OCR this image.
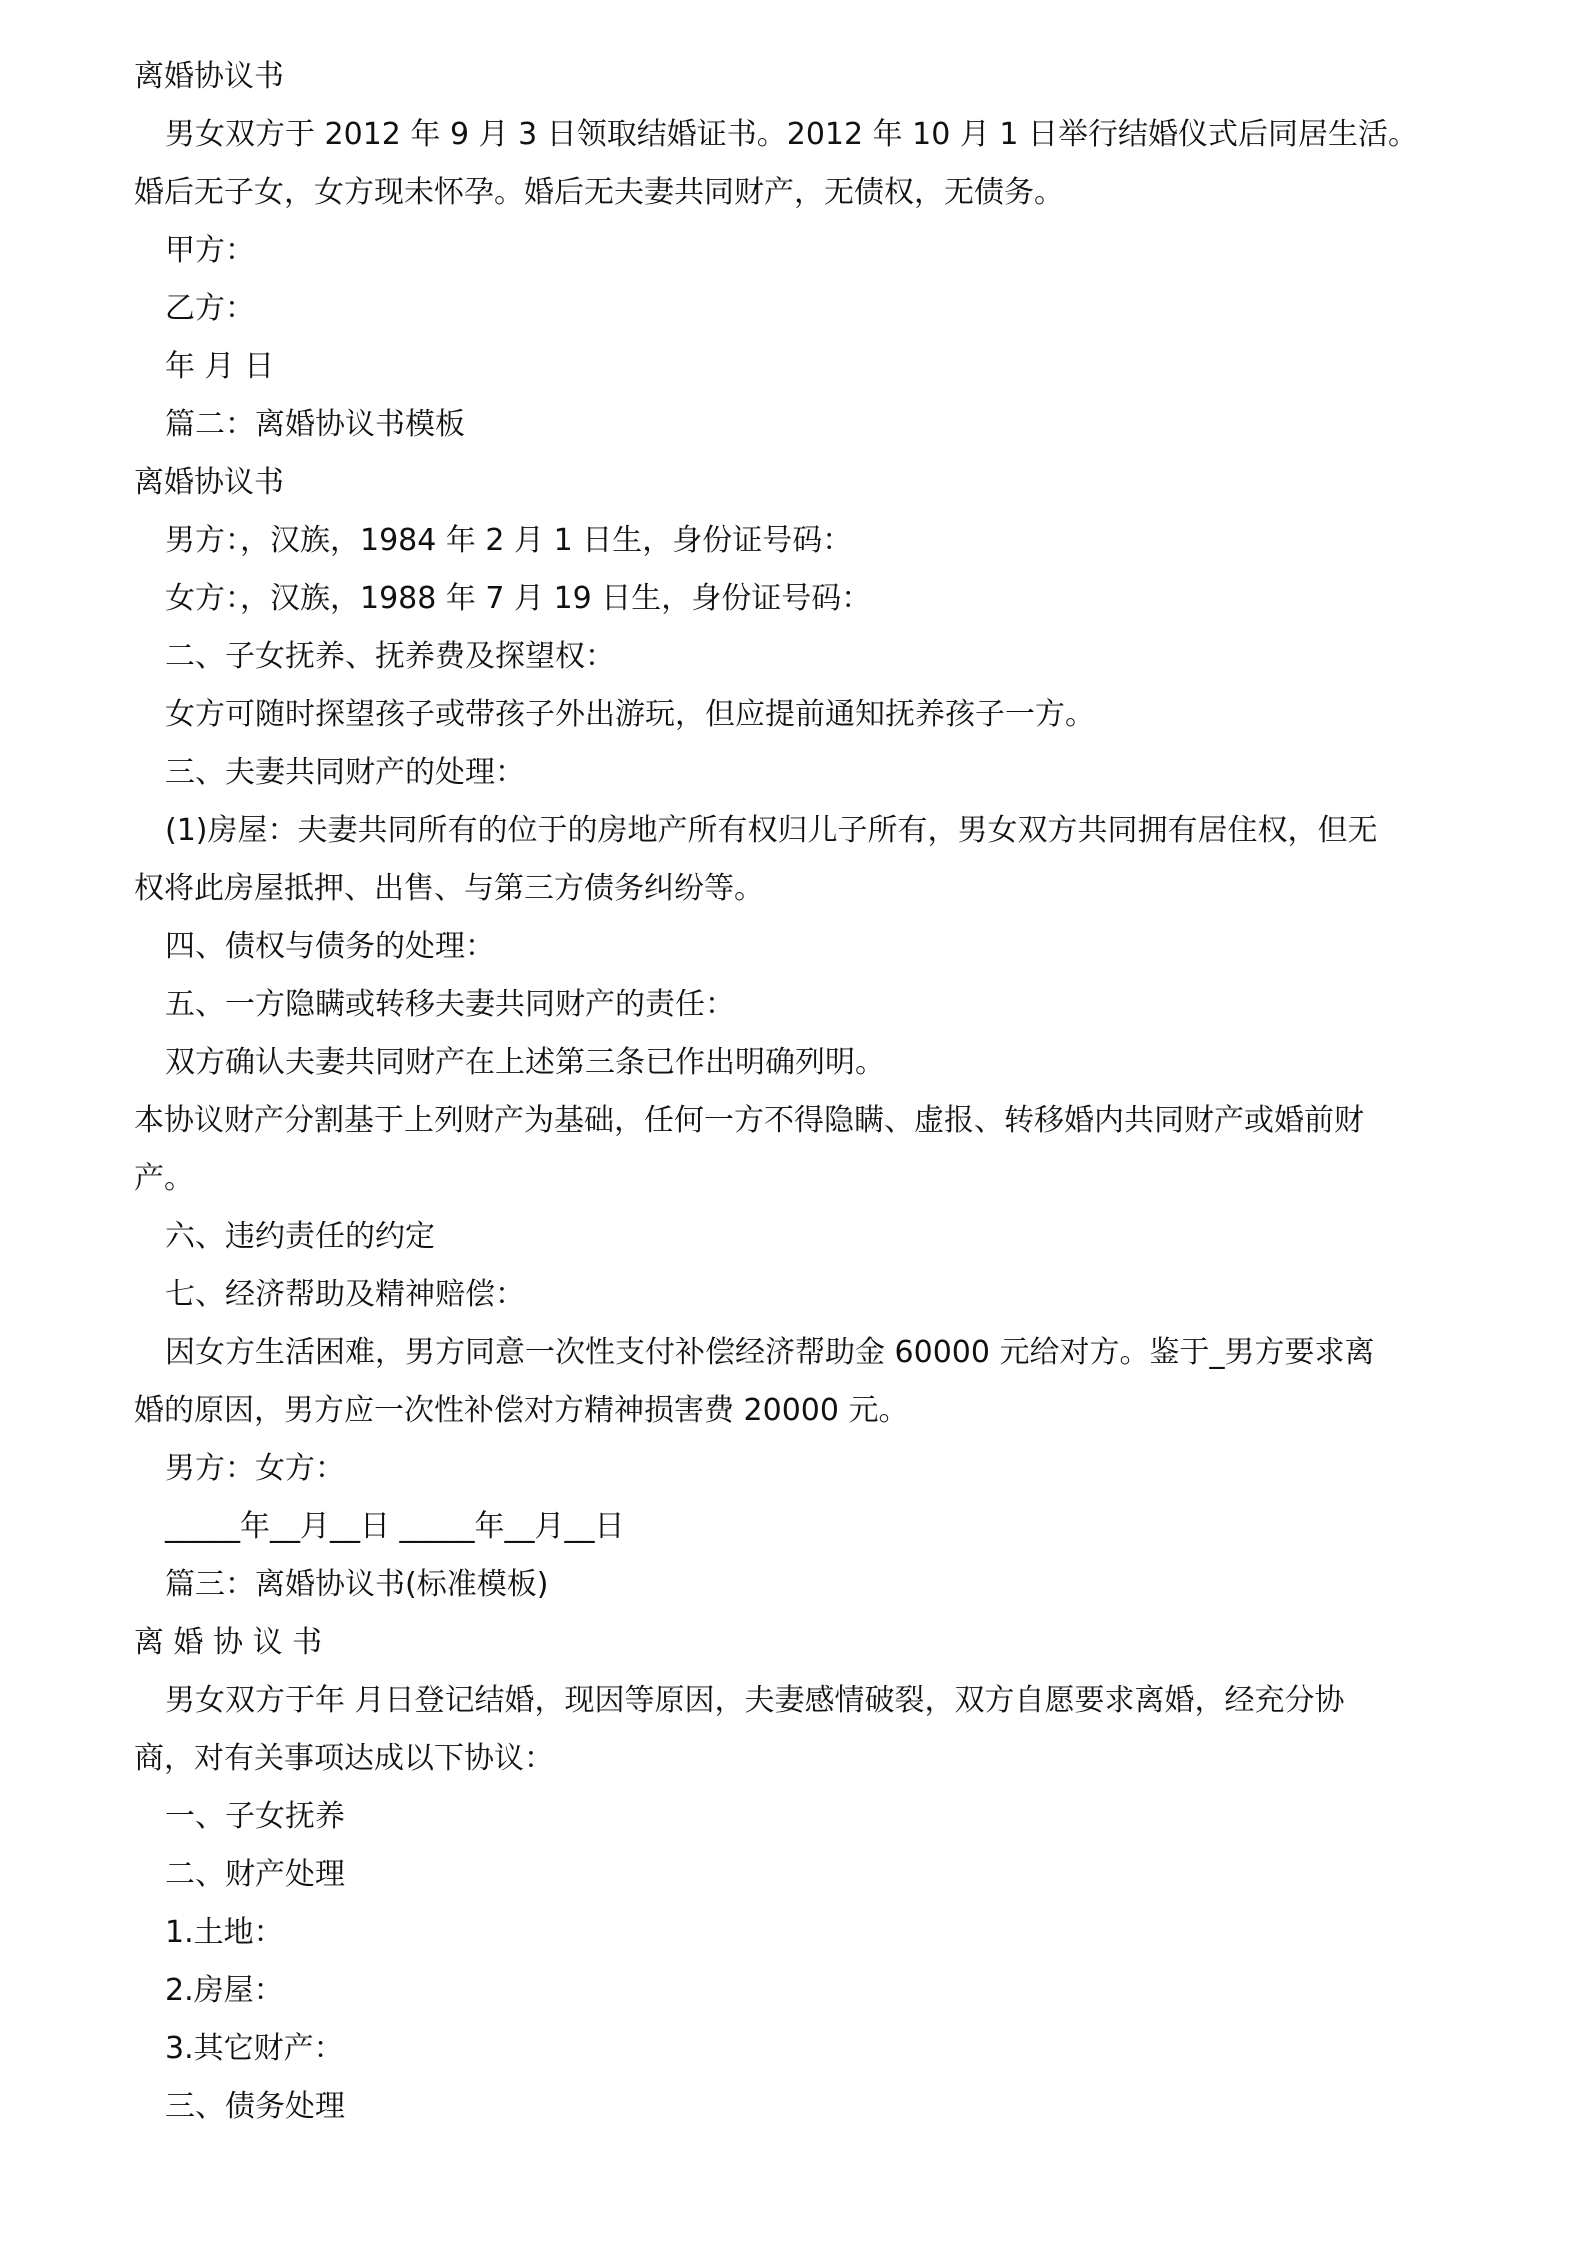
离婚协议书
男女双方于 2012 年 9 月 3 日领取结婚证书。2012 年 10 月 1 日举行结婚仪式后同居生活。
婚后无子女，女方现未怀孕。婚后无夫妻共同财产，无债权，无债务。
甲方：
乙方：
年 月 日
篇二：离婚协议书模板
离婚协议书
男方：，汉族，1984 年 2 月 1 日生，身份证号码：
女方：，汉族，1988 年 7 月 19 日生，身份证号码：
二、子女抚养、抚养费及探望权：
女方可随时探望孩子或带孩子外出游玩，但应提前通知抚养孩子一方。
三、夫妻共同财产的处理：
(1)房屋：夫妻共同所有的位于的房地产所有权归儿子所有，男女双方共同拥有居住权，但无
权将此房屋抵押、出售、与第三方债务纠纷等。
四、债权与债务的处理：
五、一方隐瞒或转移夫妻共同财产的责任：
双方确认夫妻共同财产在上述第三条已作出明确列明。
本协议财产分割基于上列财产为基础，任何一方不得隐瞒、虚报、转移婚内共同财产或婚前财
产。
六、违约责任的约定
七、经济帮助及精神赔偿：
因女方生活困难，男方同意一次性支付补偿经济帮助金 60000 元给对方。鉴于_男方要求离
婚的原因，男方应一次性补偿对方精神损害费 20000 元。
男方：女方：
_____年__月__日 _____年__月__日
篇三：离婚协议书(标准模板)
离 婚 协 议 书
男女双方于年 月日登记结婚，现因等原因，夫妻感情破裂，双方自愿要求离婚，经充分协
商，对有关事项达成以下协议：
一、子女抚养
二、财产处理
1.土地：
2.房屋：
3.其它财产：
三、债务处理
